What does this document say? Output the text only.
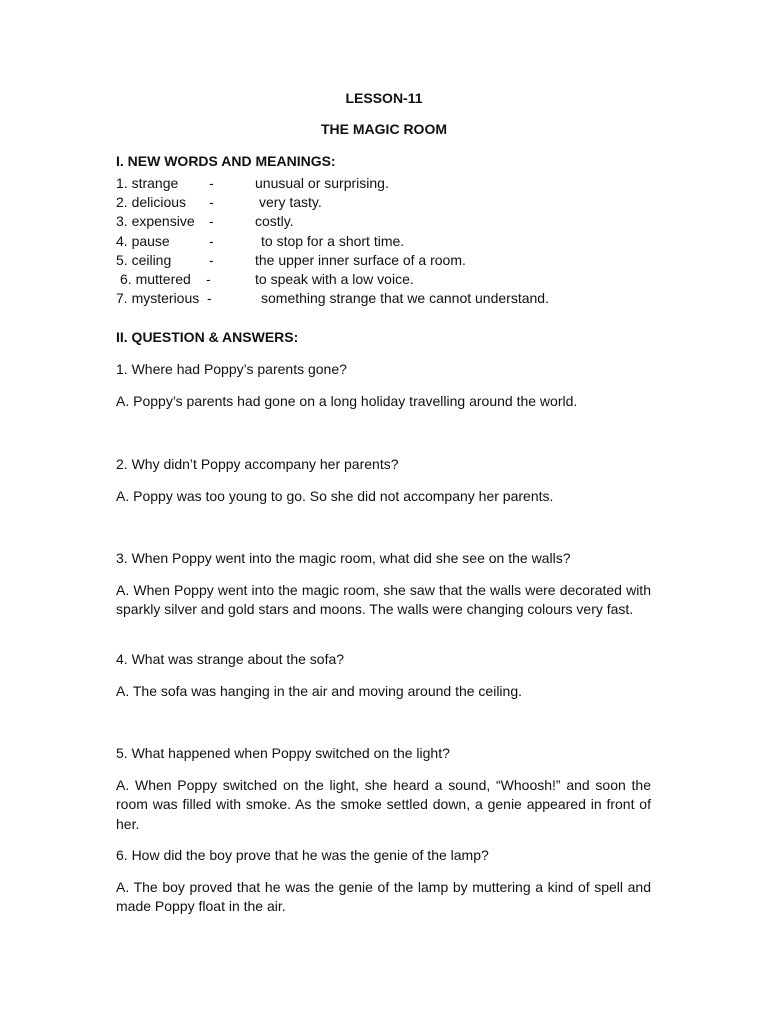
LESSON-11
THE MAGIC ROOM
I. NEW WORDS AND MEANINGS:
1. strange -	unusual or surprising.
2. delicious -	very tasty.
3. expensive -	costly.
4. pause	-	to stop for a short time.
5. ceiling	-	the upper inner surface of a room.
6. muttered -	to speak with a low voice.
7. mysterious -	something strange that we cannot understand.
II. QUESTION & ANSWERS:
1. Where had Poppy’s parents gone?
A. Poppy’s parents had gone on a long holiday travelling around the world.
2. Why didn’t Poppy accompany her parents?
A. Poppy was too young to go. So she did not accompany her parents.
3. When Poppy went into the magic room, what did she see on the walls?
A. When Poppy went into the magic room, she saw that the walls were decorated with sparkly silver and gold stars and moons. The walls were changing colours very fast.
4. What was strange about the sofa?
A. The sofa was hanging in the air and moving around the ceiling.
5. What happened when Poppy switched on the light?
A. When Poppy switched on the light, she heard a sound, “Whoosh!” and soon the room was filled with smoke. As the smoke settled down, a genie appeared in front of her.
6. How did the boy prove that he was the genie of the lamp?
A. The boy proved that he was the genie of the lamp by muttering a kind of spell and made Poppy float in the air.
